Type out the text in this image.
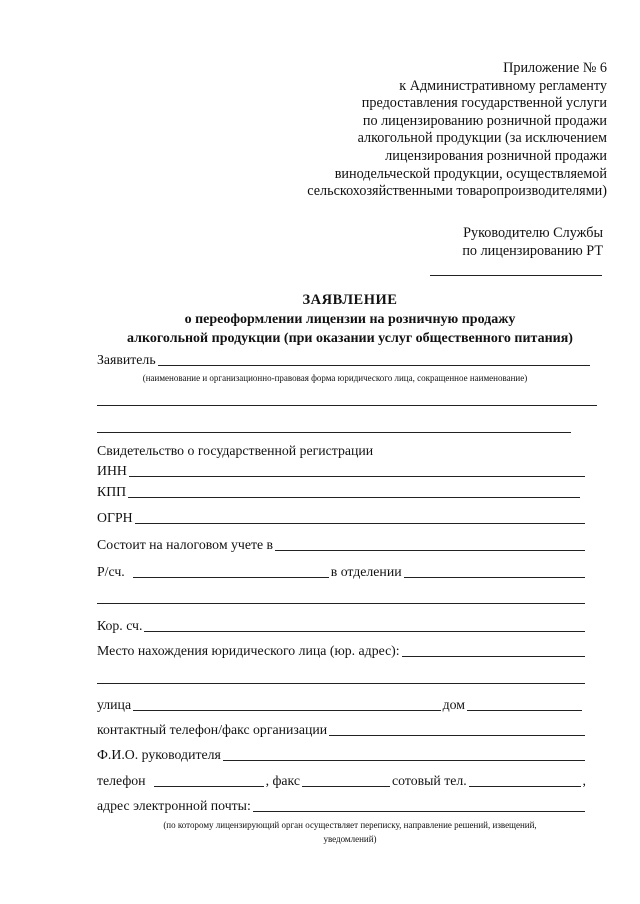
Приложение № 6
к Административному регламенту
предоставления государственной услуги
по лицензированию розничной продажи
алкогольной продукции (за исключением
лицензирования розничной продажи
винодельческой продукции, осуществляемой
сельскохозяйственными товаропроизводителями)
Руководителю Службы
по лицензированию РТ
ЗАЯВЛЕНИЕ
о переоформлении лицензии на розничную продажу
алкогольной продукции (при оказании услуг общественного питания)
Заявитель
(наименование и организационно-правовая форма юридического лица, сокращенное наименование)
Свидетельство о государственной регистрации
ИНН
КПП
ОГРН
Состоит на налоговом учете в
Р/сч.	в отделении
Кор. сч.
Место нахождения юридического лица (юр. адрес):
улица	дом
контактный телефон/факс организации
Ф.И.О. руководителя
телефон	, факс	сотовый тел.	,
адрес электронной почты:
(по которому лицензирующий орган осуществляет переписку, направление решений, извещений,
уведомлений)
